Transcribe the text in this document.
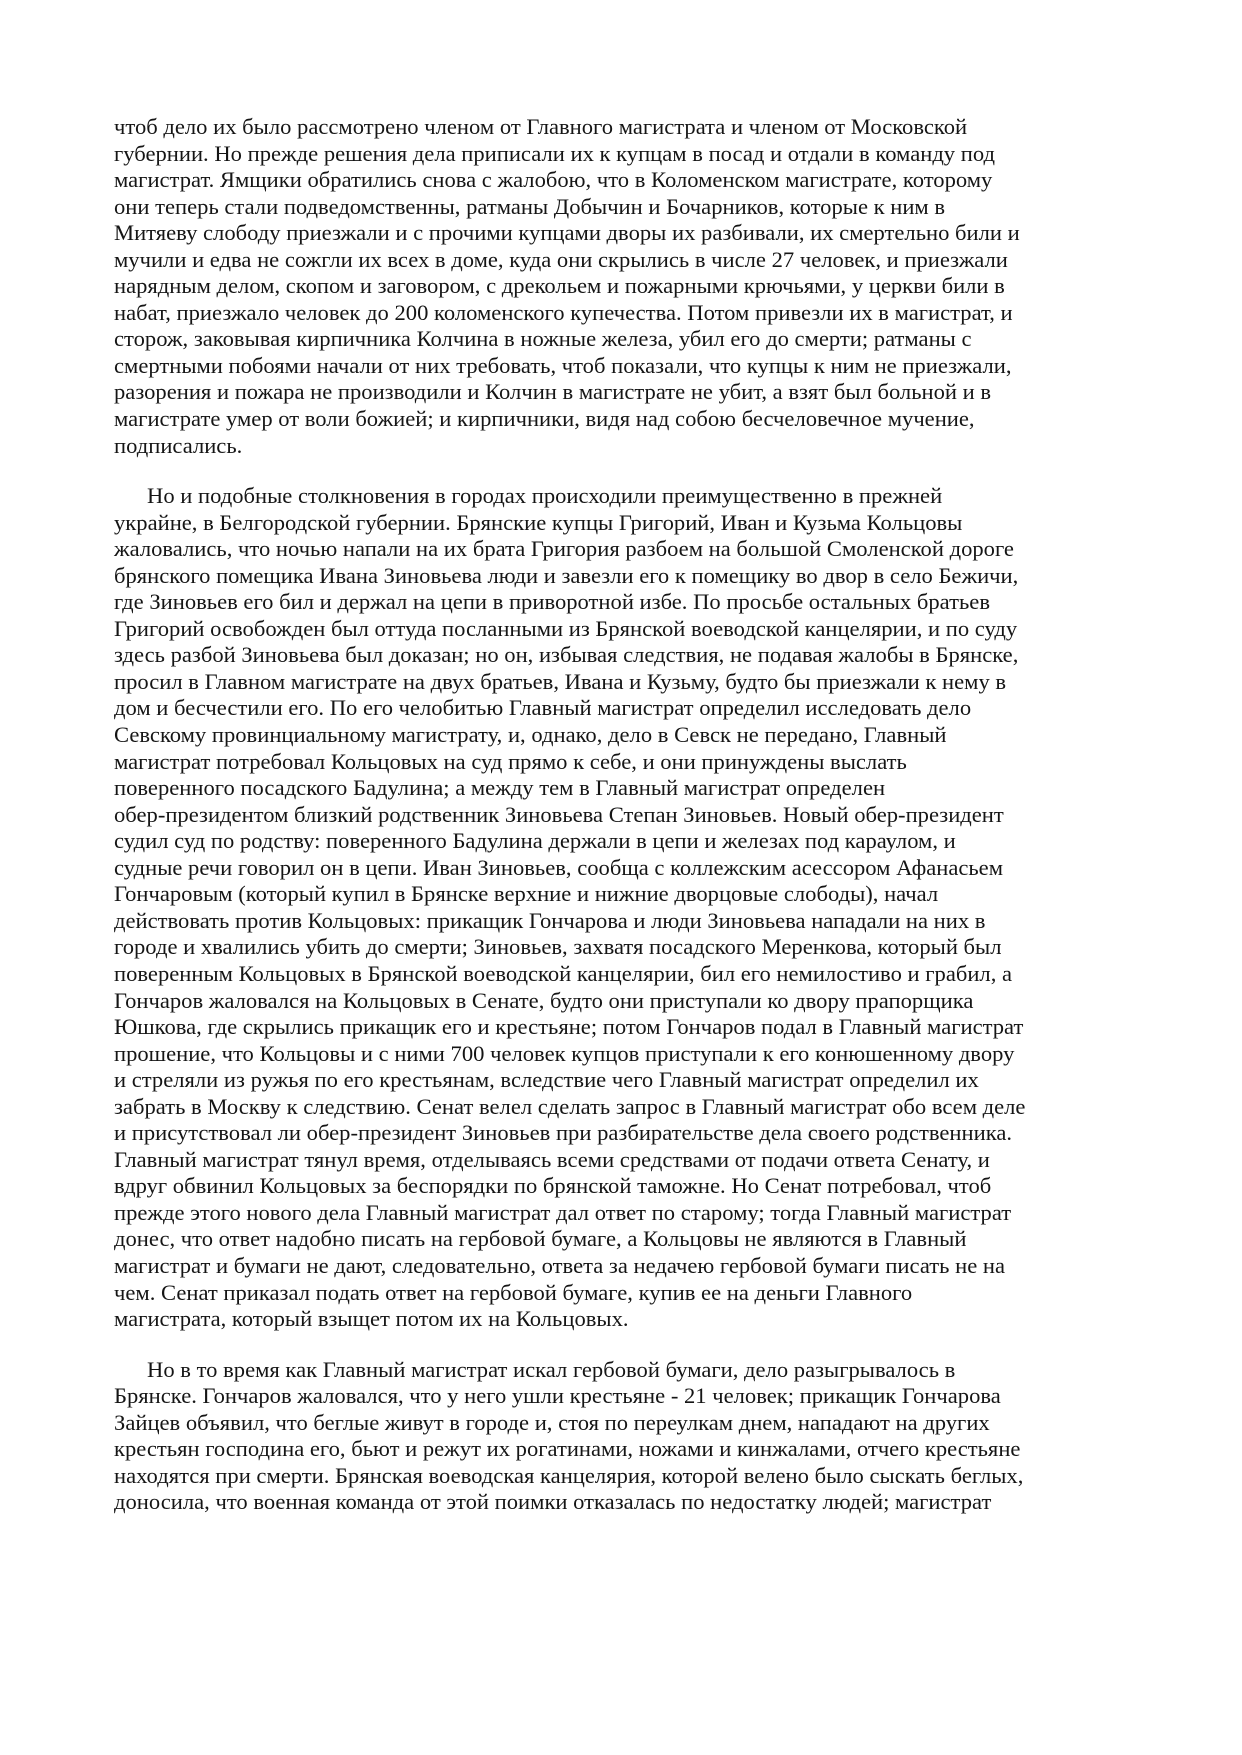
чтоб дело их было рассмотрено членом от Главного магистрата и членом от Московской
губернии. Но прежде решения дела приписали их к купцам в посад и отдали в команду под
магистрат. Ямщики обратились снова с жалобою, что в Коломенском магистрате, которому
они теперь стали подведомственны, ратманы Добычин и Бочарников, которые к ним в
Митяеву слободу приезжали и с прочими купцами дворы их разбивали, их смертельно били и
мучили и едва не сожгли их всех в доме, куда они скрылись в числе 27 человек, и приезжали
нарядным делом, скопом и заговором, с дрекольем и пожарными крючьями, у церкви били в
набат, приезжало человек до 200 коломенского купечества. Потом привезли их в магистрат, и
сторож, заковывая кирпичника Колчина в ножные железа, убил его до смерти; ратманы с
смертными побоями начали от них требовать, чтоб показали, что купцы к ним не приезжали,
разорения и пожара не производили и Колчин в магистрате не убит, а взят был больной и в
магистрате умер от воли божией; и кирпичники, видя над собою бесчеловечное мучение,
подписались.

Но и подобные столкновения в городах происходили преимущественно в прежней
украйне, в Белгородской губернии. Брянские купцы Григорий, Иван и Кузьма Кольцовы
жаловались, что ночью напали на их брата Григория разбоем на большой Смоленской дороге
брянского помещика Ивана Зиновьева люди и завезли его к помещику во двор в село Бежичи,
где Зиновьев его бил и держал на цепи в приворотной избе. По просьбе остальных братьев
Григорий освобожден был оттуда посланными из Брянской воеводской канцелярии, и по суду
здесь разбой Зиновьева был доказан; но он, избывая следствия, не подавая жалобы в Брянске,
просил в Главном магистрате на двух братьев, Ивана и Кузьму, будто бы приезжали к нему в
дом и бесчестили его. По его челобитью Главный магистрат определил исследовать дело
Севскому провинциальному магистрату, и, однако, дело в Севск не передано, Главный
магистрат потребовал Кольцовых на суд прямо к себе, и они принуждены выслать
поверенного посадского Бадулина; а между тем в Главный магистрат определен
обер-президентом близкий родственник Зиновьева Степан Зиновьев. Новый обер-президент
судил суд по родству: поверенного Бадулина держали в цепи и железах под караулом, и
судные речи говорил он в цепи. Иван Зиновьев, сообща с коллежским асессором Афанасьем
Гончаровым (который купил в Брянске верхние и нижние дворцовые слободы), начал
действовать против Кольцовых: прикащик Гончарова и люди Зиновьева нападали на них в
городе и хвалились убить до смерти; Зиновьев, захватя посадского Меренкова, который был
поверенным Кольцовых в Брянской воеводской канцелярии, бил его немилостиво и грабил, а
Гончаров жаловался на Кольцовых в Сенате, будто они приступали ко двору прапорщика
Юшкова, где скрылись прикащик его и крестьяне; потом Гончаров подал в Главный магистрат
прошение, что Кольцовы и с ними 700 человек купцов приступали к его конюшенному двору
и стреляли из ружья по его крестьянам, вследствие чего Главный магистрат определил их
забрать в Москву к следствию. Сенат велел сделать запрос в Главный магистрат обо всем деле
и присутствовал ли обер-президент Зиновьев при разбирательстве дела своего родственника.
Главный магистрат тянул время, отделываясь всеми средствами от подачи ответа Сенату, и
вдруг обвинил Кольцовых за беспорядки по брянской таможне. Но Сенат потребовал, чтоб
прежде этого нового дела Главный магистрат дал ответ по старому; тогда Главный магистрат
донес, что ответ надобно писать на гербовой бумаге, а Кольцовы не являются в Главный
магистрат и бумаги не дают, следовательно, ответа за недачею гербовой бумаги писать не на
чем. Сенат приказал подать ответ на гербовой бумаге, купив ее на деньги Главного
магистрата, который взыщет потом их на Кольцовых.

Но в то время как Главный магистрат искал гербовой бумаги, дело разыгрывалось в
Брянске. Гончаров жаловался, что у него ушли крестьяне - 21 человек; прикащик Гончарова
Зайцев объявил, что беглые живут в городе и, стоя по переулкам днем, нападают на других
крестьян господина его, бьют и режут их рогатинами, ножами и кинжалами, отчего крестьяне
находятся при смерти. Брянская воеводская канцелярия, которой велено было сыскать беглых,
доносила, что военная команда от этой поимки отказалась по недостатку людей; магистрат
